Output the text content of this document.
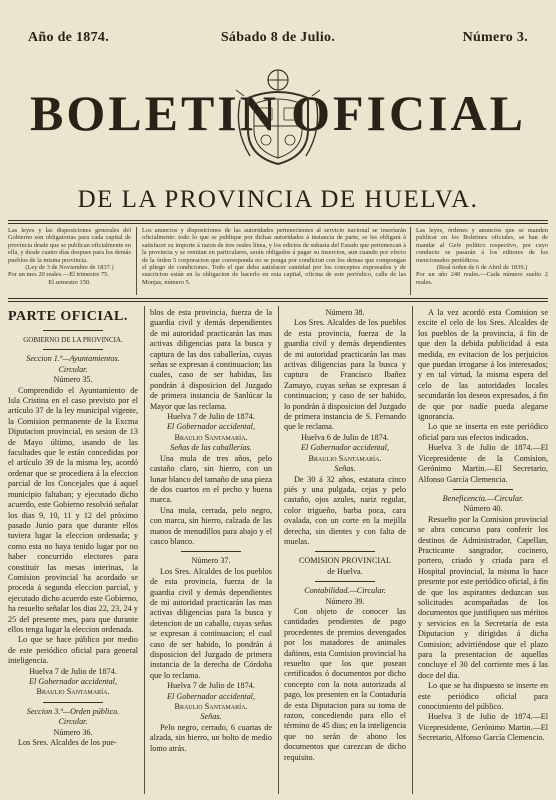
Año de 1874.	Sábado 8 de Julio.	Número 3.
BOLETIN OFICIAL
DE LA PROVINCIA DE HUELVA.
Las leyes y las disposiciones generales del Gobierno son obligatorias para cada capital de provincia desde que se publican oficialmente en ella, y desde cuatro días despues para los demás pueblos de la misma provincia.
(Ley de 3 de Noviembre de 1837.)
Por un mes 20 reales.—El trimestre 75.
El semestre 150.
Los anuncios y disposiciones de las autoridades pertenecientes al servicio nacional se insertarán oficialmente: todo lo que se publique por dichas autoridades á instancia de parte, se les obligará á satisfacer su importe á razon de tres reales línea, y los edictos de subasta del Estado que pertenezcan á la provincia y se remitan en particulares, serán obligados á pagar su insercion, aun cuando por efecto de la órden 5 corporacion que corresponda no se ponga por condicion con los demas que compongan el pliego de condiciones. Todo el que deba satisfacer cantidad por los conceptos expresados y de suscricion están en la obligacion de hacerlo en esta capital, oficina de este periódico, calle de las Monjas, número 5.
Las leyes, órdenes y anuncios que se manden publicar en los Boletines oficiales, se han de mandar al Gefe político respectivo, por cuyo conducto se pasarán á los editores de los mencionados periódicos.
(Real órden de 6 de Abril de 1839.)
Por un año 240 reales.—Cada número suelto 2 reales.

PARTE OFICIAL.

GOBIERNO DE LA PROVINCIA.

Seccion 1.ª—Ayuntamientos.

Circular.

Número 35.

Comprendido el Ayuntamiento de Isla Cristina en el caso previsto por el artículo 37 de la ley municipal vigente, la Comision permanente de la Excma Diputacion provincial, en sesion de 13 de Mayo último, usando de las facultades que le están concedidas por el artículo 39 de la misma ley, acordó ordenar que se procediera á la eleccion parcial de los Concejales que á aquel municipio faltaban; y ejecutado dicho acuerdo, este Gobierno resolvió señalar los dias 9, 10, 11 y 12 del próximo pasado Junio para que durante ellos tuviera lugar la eleccion ordenada; y como esta no haya tenido lugar por no haber concurrido electores para constituir las mesas interinas, la Comision provincial ha acordado se proceda á segunda eleccion parcial, y ejecutado dicho acuerdo este Gobierno, ha resuelto señalar los dias 22, 23, 24 y 25 del presente mes, para que durante ellos tenga lugar la eleccion ordenada.

Lo que se hace público por medio de este periódico oficial para general inteligencia.

Huelva 7 de Julio de 1874.

El Gobernador accidental,

Braulio Santamaría.

Seccion 3.ª—Orden público.

Circular.

Número 36.

Los Sres. Alcaldes de los pue-

blos de esta provincia, fuerza de la guardia civil y demás dependientes de mi autoridad practicarán las mas activas diligencias para la busca y captura de las dos caballerías, cuyas señas se expresan á continuacion; las cuales, caso de ser habidas, las pondrán á disposicion del Juzgado de primera instancia de Sanlúcar la Mayor que las reclama.

Huelva 7 de Julio de 1874.

El Gobernador accidental,

Braulio Santamaría.

Señas de las caballerías.

Una mula de tres años, pelo castaño claro, sin hierro, con un lunar blanco del tamaño de una pieza de dos cuartos en el pecho y buena marca.

Una mula, cerrada, pelo negro, con marca, sin hierro, calzada de las manos de menudillos para abajo y el casco blanco.

Número 37.

Los Sres. Alcaldes de los pueblos de esta provincia, fuerza de la guardia civil y demás dependientes de mi autoridad practicarán las mas activas diligencias para la busca y detencion de un caballo, cuyas señas se expresan á continuacion; el cual caso de ser habido, lo pondrán á disposicion del Juzgado de primera instancia de la derecha de Córdoba que lo reclama.

Huelva 7 de Julio de 1874.

El Gobernador accidental,

Braulio Santamaría.

Señas.

Pelo negro, cerrado, 6 cuartas de alzada, sin hierro, un bolto de medio lomo atrás.

Número 38.

Los Sres. Alcaldes de los pueblos de esta provincia, fuerza de la guardia civil y demás dependientes de mi autoridad practicarán las mas activas diligencias para la busca y captura de Francisco Ibañez Zamayo, cuyas señas se expresan á continuacion; y caso de ser habido, lo pondrán á disposicion del Juzgado de primera instancia de S. Fernando que le reclama.

Huelva 6 de Julio de 1874.

El Gobernador accidental,

Braulio Santamaría.

Señas.

De 30 á 32 años, estatura cinco piés y una pulgada, cejas y pelo castaño, ojos azules, nariz regular, color trigueño, barba poca, cara ovalada, con un corte en la mejilla derecha, sin dientes y con falta de muelas.

COMISION PROVINCIAL

de Huelva.

Contabilidad.—Circular.

Número 39.

Con objeto de conocer las cantidades pendientes de pago procedentes de premios devengados por los matadores de animales dañinos, esta Comision provincial ha resuelto que los que posean certificados ó documentos por dicho concepto con la nota autorizada al pago, los presenten en la Contaduría de esta Diputacion para su toma de razon, concediendo para ello el término de 45 dias; en la inteligencia que no serán de abono los documentos que carezcan de dicho requisito.

A la vez acordó esta Comision se excite el celo de los Sres. Alcaldes de los pueblos de la provincia, á fin de que den la debida publicidad á esta medida, en evitacion de los perjuicios que puedan irrogarse á los interesados; y en tal virtud, la misma espera del celo de las autoridades locales secundarán los deseos expresados, á fin de que por nadie pueda alegarse ignorancia.

Lo que se inserta en este periódico oficial para sus efectos indicados.

Huelva 3 de Julio de 1874.—El Vicepresidente de la Comision, Gerónimo Martin.—El Secretario, Alfonso García Clemencia.

Beneficencia.—Circular.

Número 40.

Resuelto por la Comision provincial se abra concurso para conferir los destinos de Administrador, Capellan, Practicante sangrador, cocinero, portero, criado y criada para el Hospital provincial, la misma lo hace presente por este periódico oficial, á fin de que los aspirantes deduzcan sus solicitudes acompañadas de los documentos que justifiquen sus méritos y servicios en la Secretaría de esta Diputacion y dirigidas á dicha Comision; advirtiéndose que el plazo para la presentacion de aquellas concluye el 30 del corriente mes á las doce del dia.

Lo que se ha dispuesto se inserte en este periódico oficial para conocimiento del público.

Huelva 3 de Julio de 1874.—El Vicepresidente, Gerónimo Martin.—El Secretario, Alfonso García Clemencio.
